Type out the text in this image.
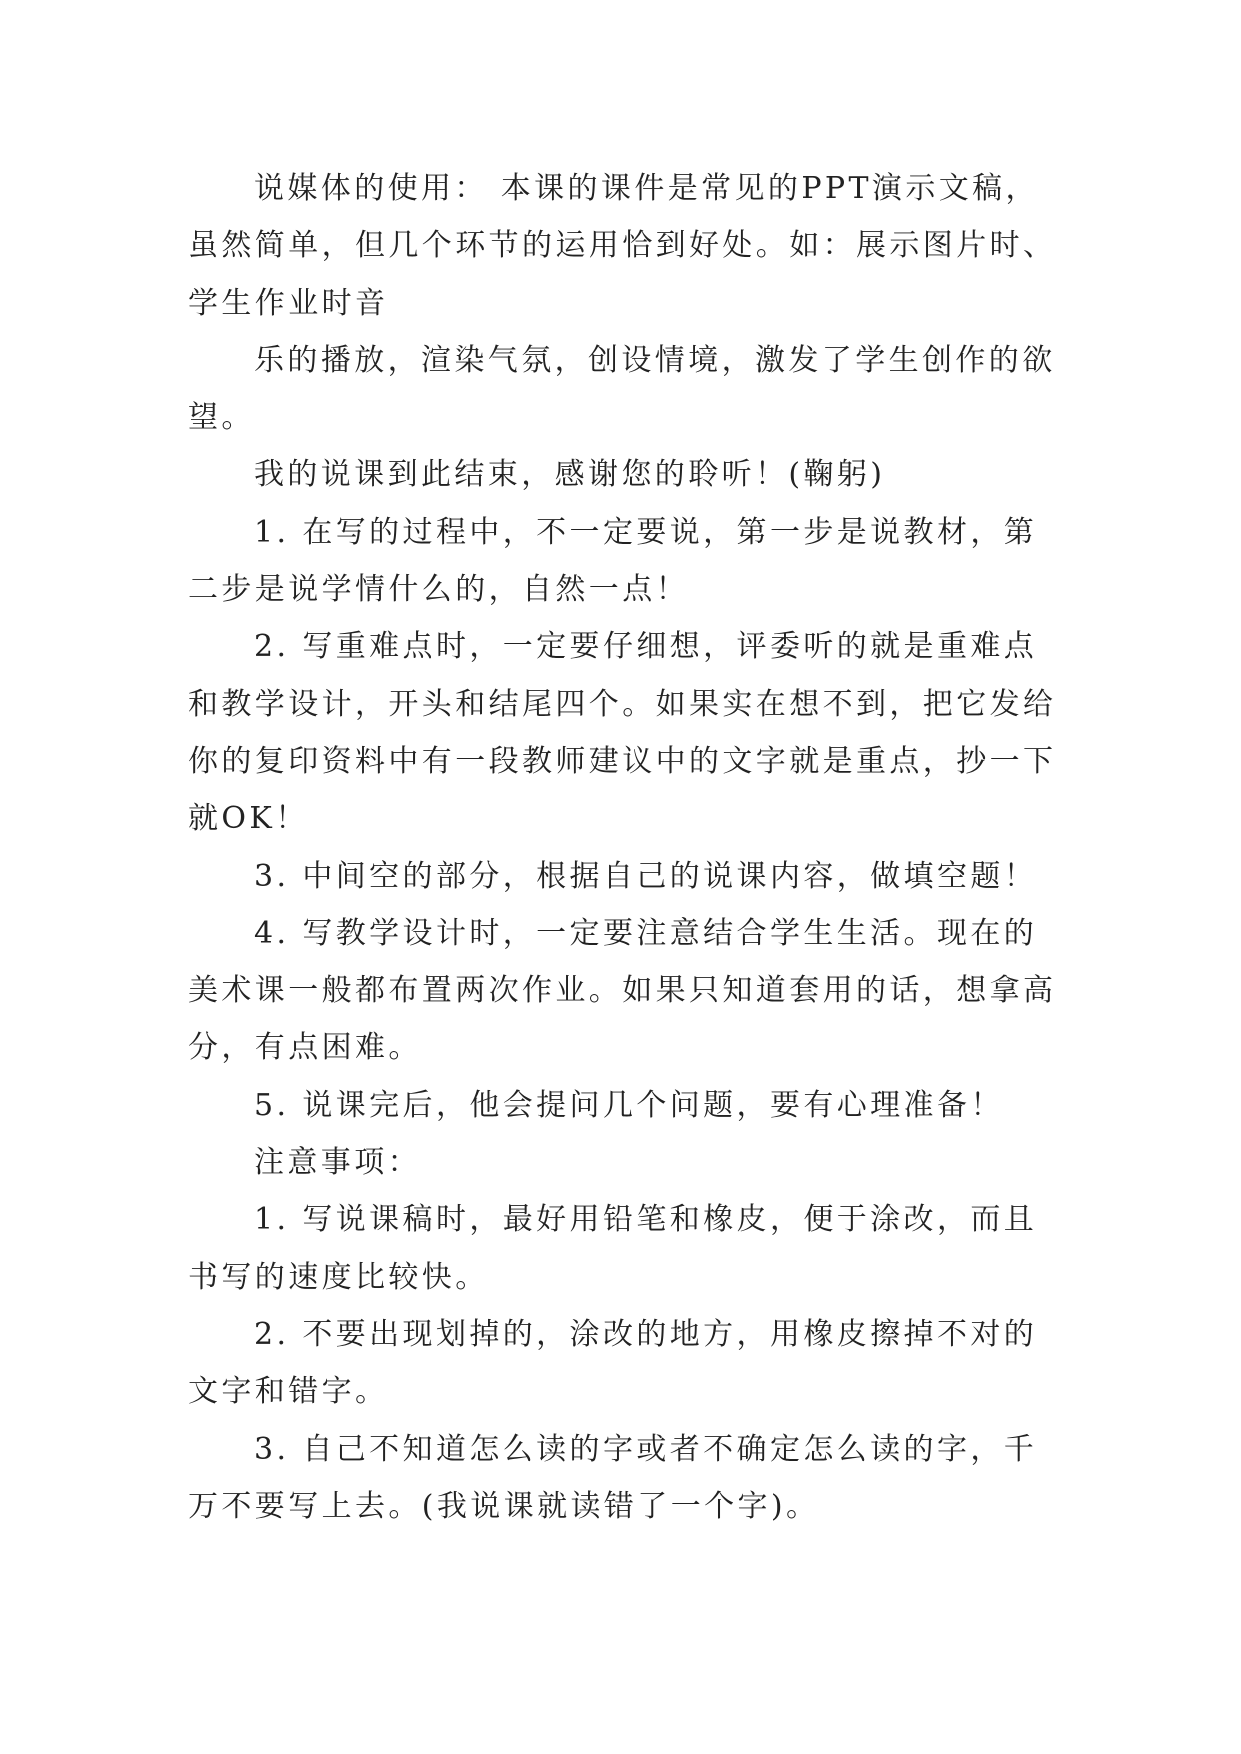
说媒体的使用： 本课的课件是常见的PPT演示文稿，虽然简单，但几个环节的运用恰到好处。如：展示图片时、学生作业时音

乐的播放，渲染气氛，创设情境，激发了学生创作的欲望。

我的说课到此结束，感谢您的聆听！(鞠躬)

1. 在写的过程中，不一定要说，第一步是说教材，第二步是说学情什么的，自然一点！

2. 写重难点时，一定要仔细想，评委听的就是重难点和教学设计，开头和结尾四个。如果实在想不到，把它发给你的复印资料中有一段教师建议中的文字就是重点，抄一下就OK！

3. 中间空的部分，根据自己的说课内容，做填空题！

4. 写教学设计时，一定要注意结合学生生活。现在的美术课一般都布置两次作业。如果只知道套用的话，想拿高分，有点困难。

5. 说课完后，他会提问几个问题，要有心理准备！

注意事项：

1. 写说课稿时，最好用铅笔和橡皮，便于涂改，而且书写的速度比较快。

2. 不要出现划掉的，涂改的地方，用橡皮擦掉不对的文字和错字。

3. 自己不知道怎么读的字或者不确定怎么读的字，千万不要写上去。(我说课就读错了一个字)。
